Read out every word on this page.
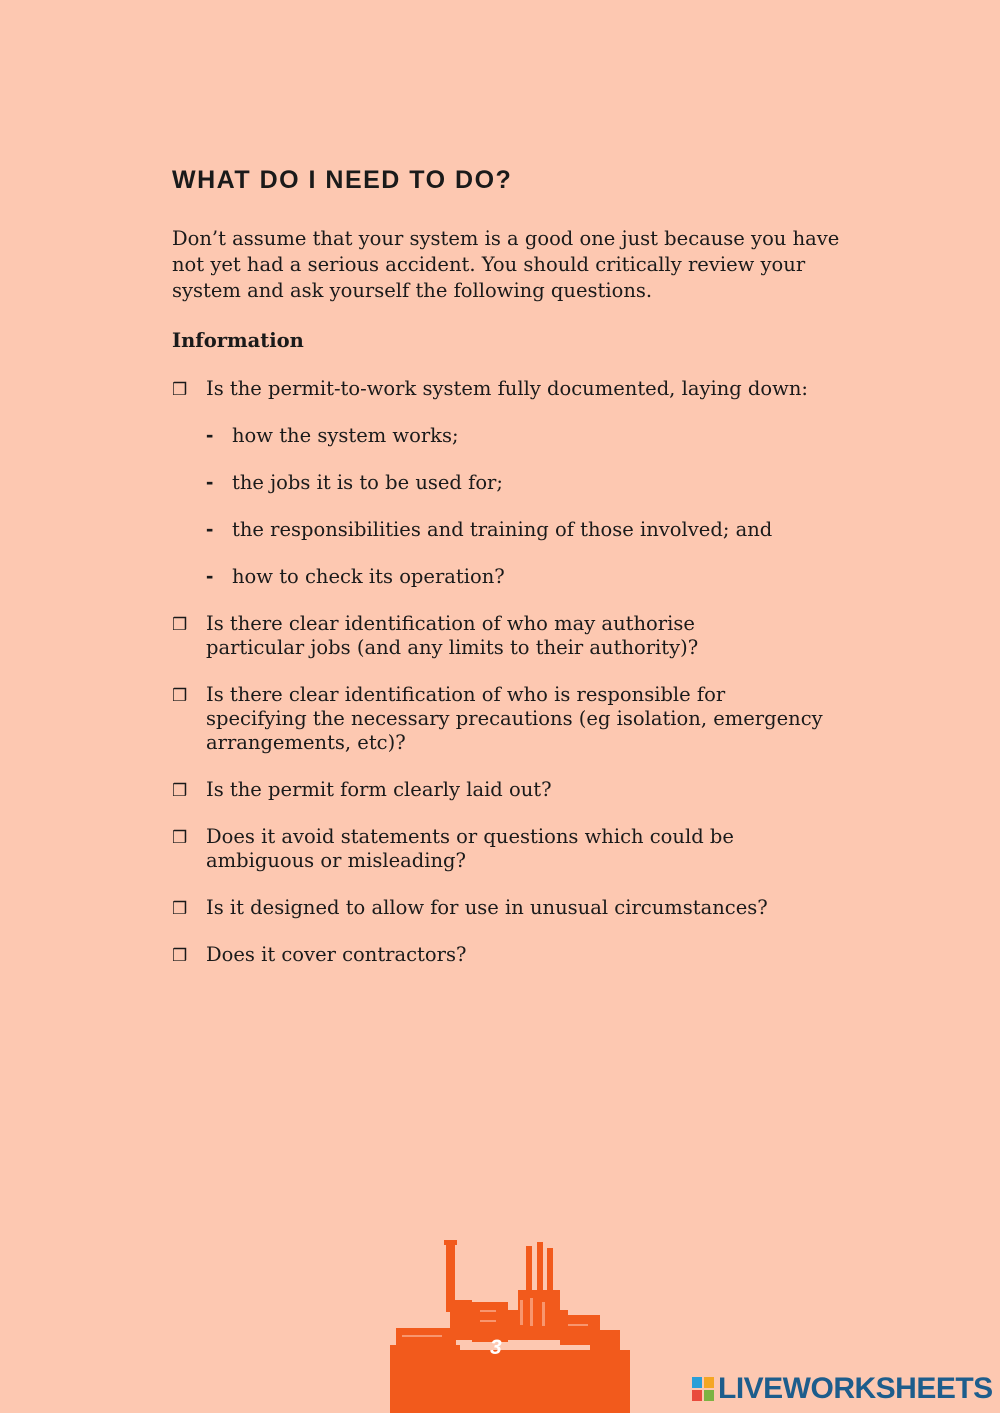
WHAT DO I NEED TO DO?

Don’t assume that your system is a good one just because you have not yet had a serious accident. You should critically review your system and ask yourself the following questions.

Information
❒ Is the permit-to-work system fully documented, laying down:
- how the system works;
- the jobs it is to be used for;
- the responsibilities and training of those involved; and
- how to check its operation?
❒ Is there clear identification of who may authorise particular jobs (and any limits to their authority)?
❒ Is there clear identification of who is responsible for specifying the necessary precautions (eg isolation, emergency arrangements, etc)?
❒ Is the permit form clearly laid out?
❒ Does it avoid statements or questions which could be ambiguous or misleading?
❒ Is it designed to allow for use in unusual circumstances?
❒ Does it cover contractors?
3
LIVEWORKSHEETS
